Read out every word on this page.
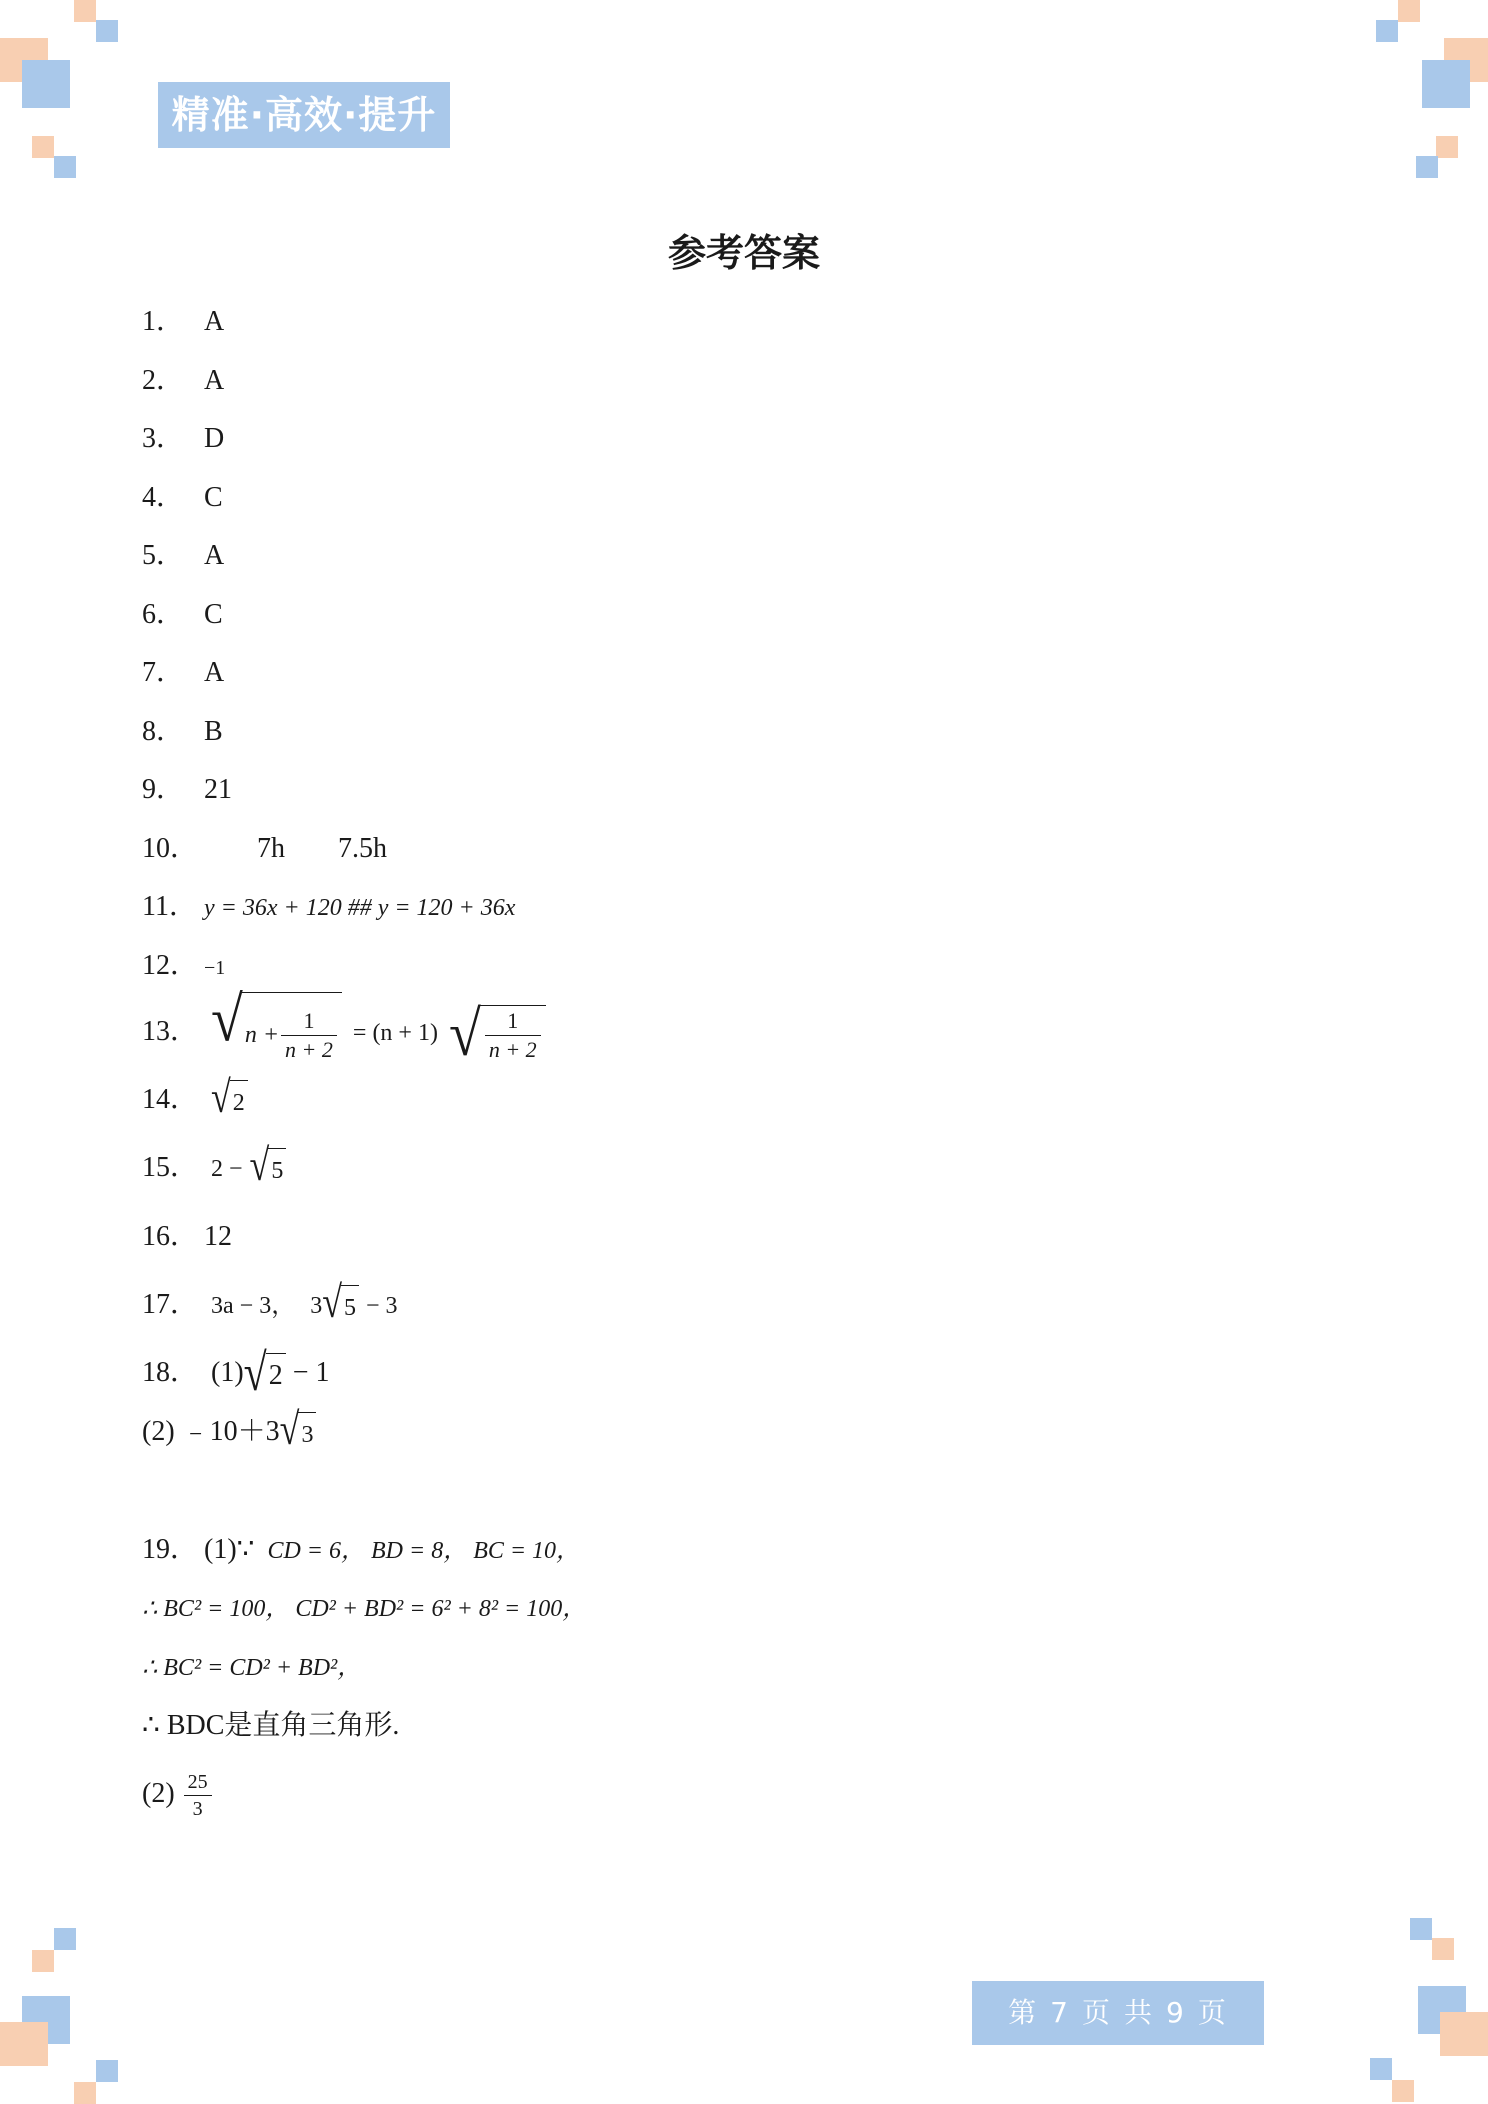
精准·高效·提升
参考答案
1． A
2． A
3． D
4． C
5． A
6． C
7． A
8． B
9． 21
10． 7h 7.5h
11． y = 36x + 120 ## y = 120 + 36x
12． −1
13． √ $n + \frac{1}{n + 2} = (n + 1)$ √ $\frac{1}{n + 2}$
14． √ 2
15． 2 − √ 5
16． 12
17． 3a − 3， 3 √ 5 − 3
18． (1) √ 2 − 1
(2) ﹣10＋3 √ 3
19． (1)∵ CD = 6， BD = 8， BC = 10，
∴ BC² = 100， CD² + BD² = 6² + 8² = 100，
∴ BC² = CD² + BD²，
∴ BDC是直角三角形.
$(2) \frac{25}{3}$
第 7 页 共 9 页
